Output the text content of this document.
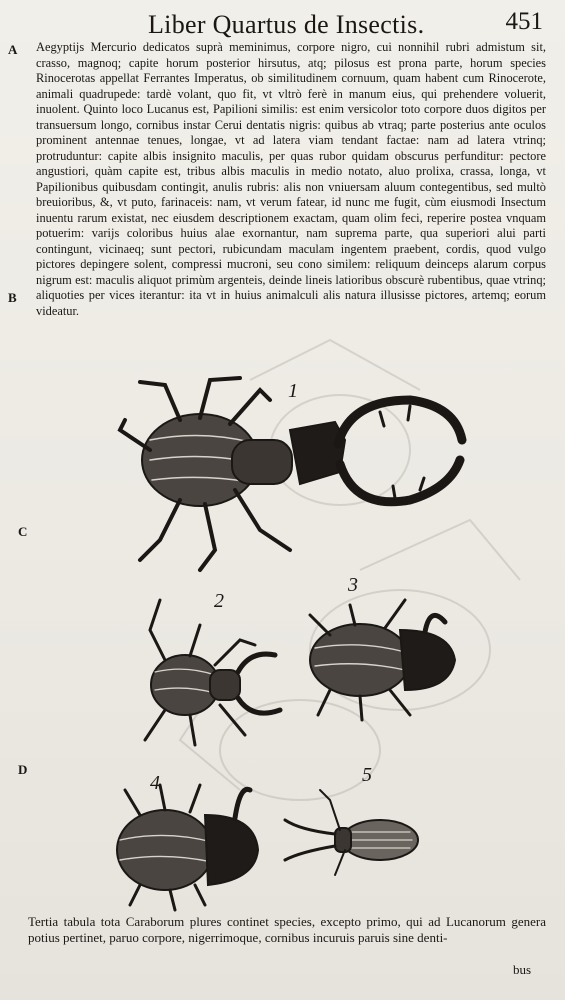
Liber Quartus de Insectis.	451
A
B
C
D

Aegyptijs Mercurio dedicatos suprà meminimus, corpore nigro, cui nonnihil rubri admistum sit, crasso, magnoq; capite horum posterior hirsutus, atq; pilosus est prona parte, horum species Rinocerotas appellat Ferrantes Imperatus, ob similitudinem cornuum, quam habent cum Rinocerote, animali quadrupede: tardè volant, quo fit, vt vltrò ferè in manum eius, qui prehendere voluerit, inuolent. Quinto loco Lucanus est, Papilioni similis: est enim versicolor toto corpore duos digitos per transuersum longo, cornibus instar Cerui dentatis nigris: quibus ab vtraq; parte posterius ante oculos prominent antennae tenues, longae, vt ad latera viam tendant factae: nam ad latera vtrinq; protruduntur: capite albis insignito maculis, per quas rubor quidam obscurus perfunditur: pectore angustiori, quàm capite est, tribus albis maculis in medio notato, aluo prolixa, crassa, longa, vt Papilionibus quibusdam contingit, anulis rubris: alis non vniuersam aluum contegentibus, sed multò breuioribus, &, vt puto, farinaceis: nam, vt verum fatear, id nunc me fugit, cùm eiusmodi Insectum inuentu rarum existat, nec eiusdem descriptionem exactam, quam olim feci, reperire postea vnquam potuerim: varijs coloribus huius alae exornantur, nam suprema parte, qua superiori alui parti contingunt, vicinaeq; sunt pectori, rubicundam maculam ingentem praebent, cordis, quod vulgo pictores depingere solent, compressi mucroni, seu cono similem: reliquum deinceps alarum corpus nigrum est: maculis aliquot primùm argenteis, deinde lineis latioribus obscurè rubentibus, quae vtrinq; aliquoties per vices iterantur: ita vt in huius animalculi alis natura illusisse pictores, artemq; eorum videatur.

1
2
3
4	5
Tertia tabula tota Caraborum plures continet species, excepto primo, qui ad Lucanorum genera potius pertinet, paruo corpore, nigerrimoque, cornibus incuruis paruis sine denti-
bus
